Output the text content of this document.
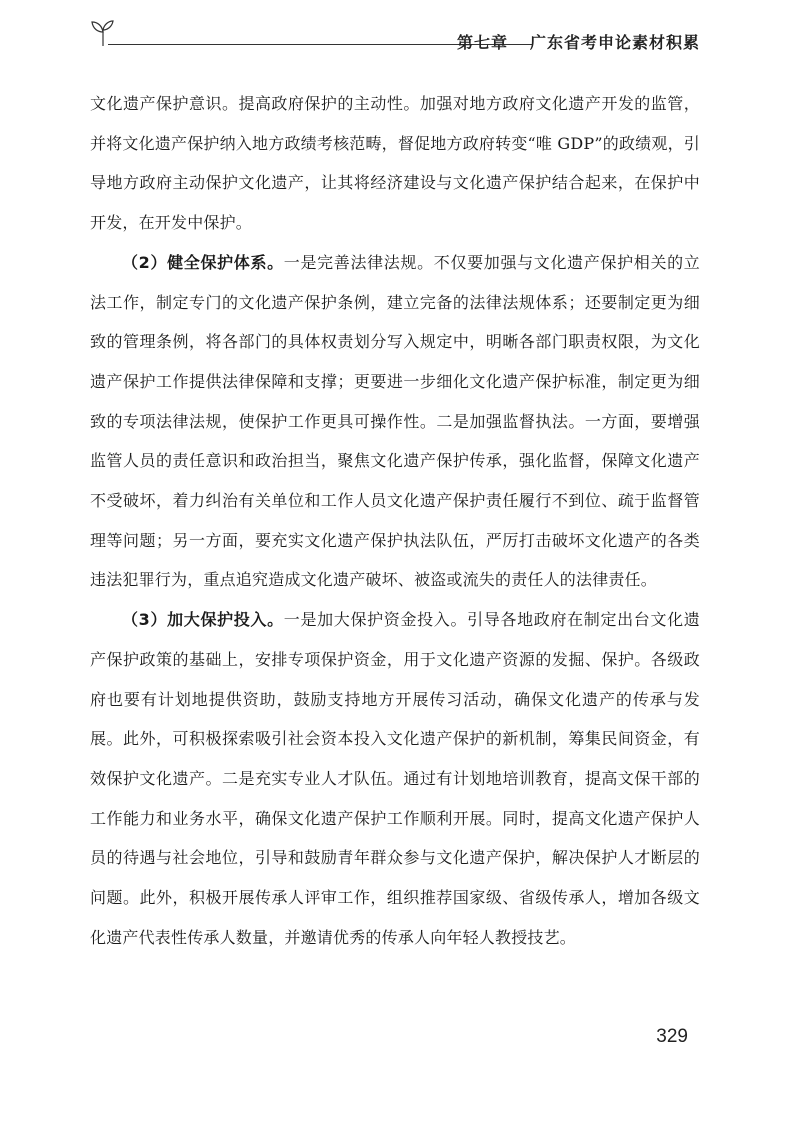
第七章 广东省考申论素材积累

文化遗产保护意识。提高政府保护的主动性。加强对地方政府文化遗产开发的监管，并将文化遗产保护纳入地方政绩考核范畴，督促地方政府转变“唯 GDP”的政绩观，引导地方政府主动保护文化遗产，让其将经济建设与文化遗产保护结合起来，在保护中开发，在开发中保护。

（2）健全保护体系。一是完善法律法规。不仅要加强与文化遗产保护相关的立法工作，制定专门的文化遗产保护条例，建立完备的法律法规体系；还要制定更为细致的管理条例，将各部门的具体权责划分写入规定中，明晰各部门职责权限，为文化遗产保护工作提供法律保障和支撑；更要进一步细化文化遗产保护标准，制定更为细致的专项法律法规，使保护工作更具可操作性。二是加强监督执法。一方面，要增强监管人员的责任意识和政治担当，聚焦文化遗产保护传承，强化监督，保障文化遗产不受破坏，着力纠治有关单位和工作人员文化遗产保护责任履行不到位、疏于监督管理等问题；另一方面，要充实文化遗产保护执法队伍，严厉打击破坏文化遗产的各类违法犯罪行为，重点追究造成文化遗产破坏、被盗或流失的责任人的法律责任。

（3）加大保护投入。一是加大保护资金投入。引导各地政府在制定出台文化遗产保护政策的基础上，安排专项保护资金，用于文化遗产资源的发掘、保护。各级政府也要有计划地提供资助，鼓励支持地方开展传习活动，确保文化遗产的传承与发展。此外，可积极探索吸引社会资本投入文化遗产保护的新机制，筹集民间资金，有效保护文化遗产。二是充实专业人才队伍。通过有计划地培训教育，提高文保干部的工作能力和业务水平，确保文化遗产保护工作顺利开展。同时，提高文化遗产保护人员的待遇与社会地位，引导和鼓励青年群众参与文化遗产保护，解决保护人才断层的问题。此外，积极开展传承人评审工作，组织推荐国家级、省级传承人，增加各级文化遗产代表性传承人数量，并邀请优秀的传承人向年轻人教授技艺。

329
